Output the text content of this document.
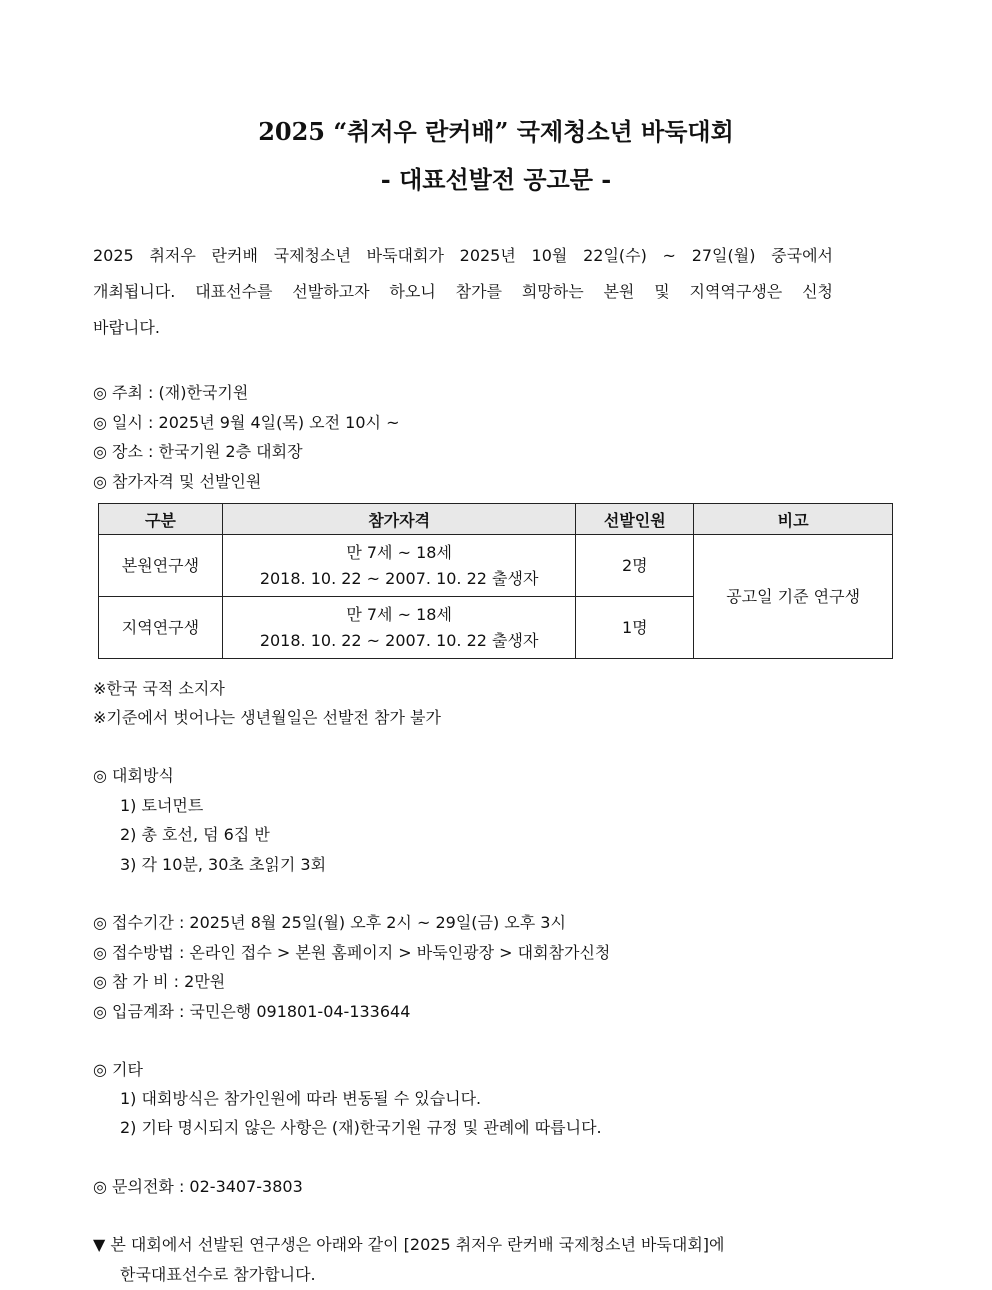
2025 “취저우 란커배” 국제청소년 바둑대회
- 대표선발전 공고문 -
2025 취저우 란커배 국제청소년 바둑대회가 2025년 10월 22일(수) ~ 27일(월) 중국에서
개최됩니다. 대표선수를 선발하고자 하오니 참가를 희망하는 본원 및 지역역구생은 신청
바랍니다.
◎ 주최 : (재)한국기원
◎ 일시 : 2025년 9월 4일(목) 오전 10시 ~
◎ 장소 : 한국기원 2층 대회장
◎ 참가자격 및 선발인원
구분	참가자격	선발인원	비고
본원연구생	만 7세 ~ 18세
2018. 10. 22 ~ 2007. 10. 22 출생자	2명	공고일 기준 연구생
지역연구생	만 7세 ~ 18세
2018. 10. 22 ~ 2007. 10. 22 출생자	1명	
※한국 국적 소지자
※기준에서 벗어나는 생년월일은 선발전 참가 불가
◎ 대회방식
1) 토너먼트
2) 총 호선, 덤 6집 반
3) 각 10분, 30초 초읽기 3회
◎ 접수기간 : 2025년 8월 25일(월) 오후 2시 ~ 29일(금) 오후 3시
◎ 접수방법 : 온라인 접수 > 본원 홈페이지 > 바둑인광장 > 대회참가신청
◎ 참 가 비 : 2만원
◎ 입금계좌 : 국민은행 091801-04-133644
◎ 기타
1) 대회방식은 참가인원에 따라 변동될 수 있습니다.
2) 기타 명시되지 않은 사항은 (재)한국기원 규정 및 관례에 따릅니다.
◎ 문의전화 : 02-3407-3803
▼ 본 대회에서 선발된 연구생은 아래와 같이 [2025 취저우 란커배 국제청소년 바둑대회]에
한국대표선수로 참가합니다.
